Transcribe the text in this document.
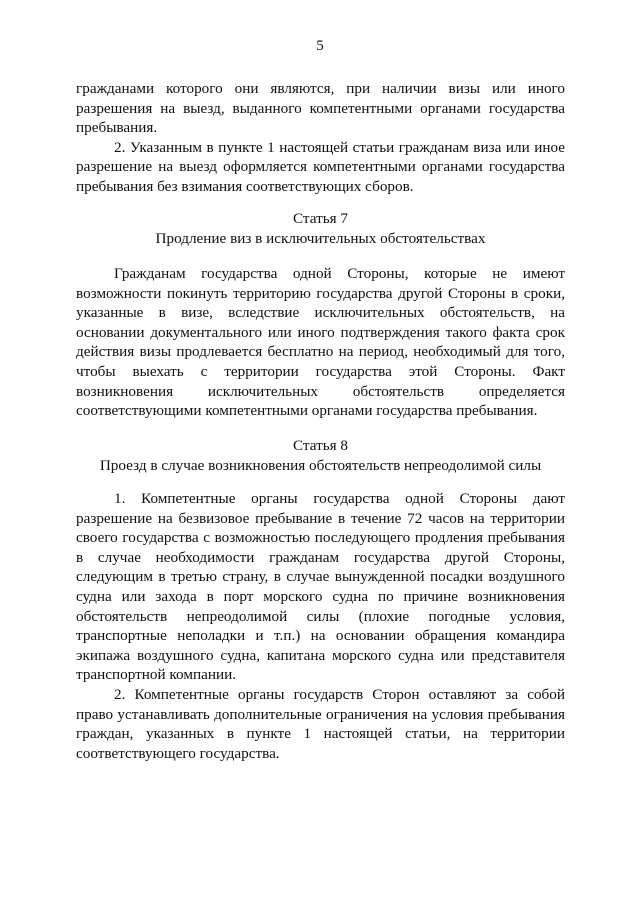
5

гражданами которого они являются, при наличии визы или иного разрешения на выезд, выданного компетентными органами государства пребывания.

2. Указанным в пункте 1 настоящей статьи гражданам виза или иное разрешение на выезд оформляется компетентными органами государства пребывания без взимания соответствующих сборов.

Статья 7

Продление виз в исключительных обстоятельствах

Гражданам государства одной Стороны, которые не имеют возможности покинуть территорию государства другой Стороны в сроки, указанные в визе, вследствие исключительных обстоятельств, на основании документального или иного подтверждения такого факта срок действия визы продлевается бесплатно на период, необходимый для того, чтобы выехать с территории государства этой Стороны. Факт возникновения исключительных обстоятельств определяется соответствующими компетентными органами государства пребывания.

Статья 8

Проезд в случае возникновения обстоятельств непреодолимой силы

1. Компетентные органы государства одной Стороны дают разрешение на безвизовое пребывание в течение 72 часов на территории своего государства с возможностью последующего продления пребывания в случае необходимости гражданам государства другой Стороны, следующим в третью страну, в случае вынужденной посадки воздушного судна или захода в порт морского судна по причине возникновения обстоятельств непреодолимой силы (плохие погодные условия, транспортные неполадки и т.п.) на основании обращения командира экипажа воздушного судна, капитана морского судна или представителя транспортной компании.

2. Компетентные органы государств Сторон оставляют за собой право устанавливать дополнительные ограничения на условия пребывания граждан, указанных в пункте 1 настоящей статьи, на территории соответствующего государства.
